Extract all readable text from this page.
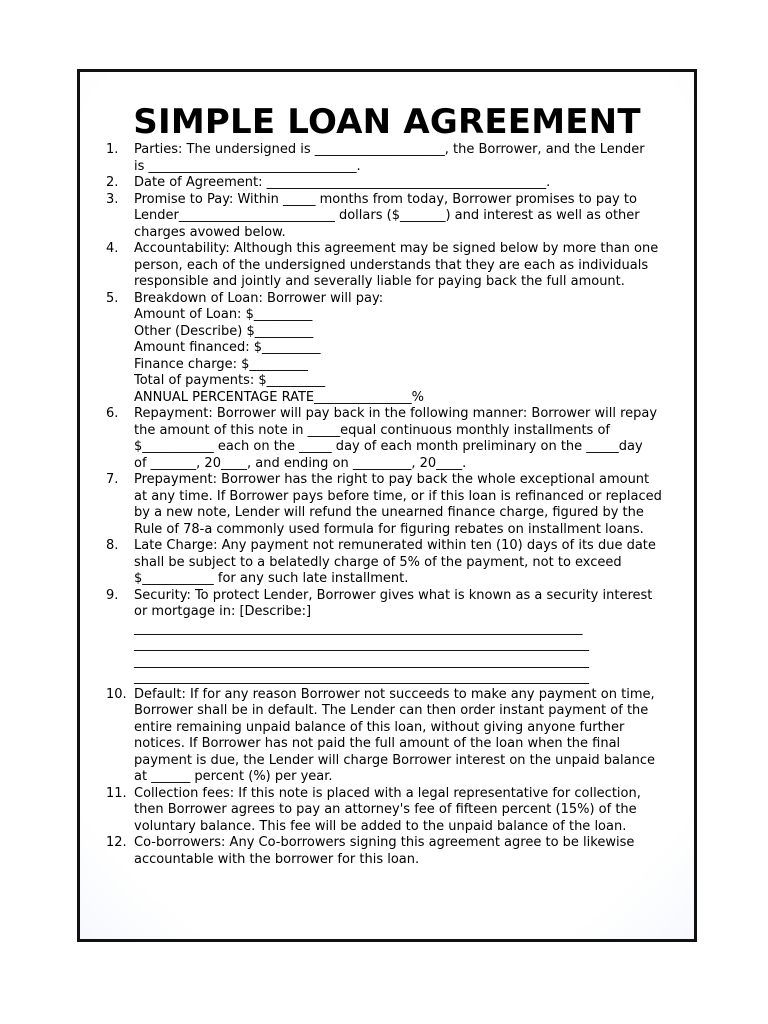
SIMPLE LOAN AGREEMENT
1. Parties: The undersigned is ____________________, the Borrower, and the Lender
is ________________________________.
2. Date of Agreement: ___________________________________________.
3. Promise to Pay: Within _____ months from today, Borrower promises to pay to
Lender________________________ dollars ($_______) and interest as well as other
charges avowed below.
4. Accountability: Although this agreement may be signed below by more than one
person, each of the undersigned understands that they are each as individuals
responsible and jointly and severally liable for paying back the full amount.
5. Breakdown of Loan: Borrower will pay:
Amount of Loan: $_________
Other (Describe) $_________
Amount financed: $_________
Finance charge: $_________
Total of payments: $_________
ANNUAL PERCENTAGE RATE_______________%
6. Repayment: Borrower will pay back in the following manner: Borrower will repay
the amount of this note in _____equal continuous monthly installments of
$___________ each on the _____ day of each month preliminary on the _____day
of _______, 20____, and ending on _________, 20____.
7. Prepayment: Borrower has the right to pay back the whole exceptional amount
at any time. If Borrower pays before time, or if this loan is refinanced or replaced
by a new note, Lender will refund the unearned finance charge, figured by the
Rule of 78-a commonly used formula for figuring rebates on installment loans.
8. Late Charge: Any payment not remunerated within ten (10) days of its due date
shall be subject to a belatedly charge of 5% of the payment, not to exceed
$___________ for any such late installment.
9. Security: To protect Lender, Borrower gives what is known as a security interest
or mortgage in: [Describe:]
_____________________________________________________________________
______________________________________________________________________
______________________________________________________________________
______________________________________________________________________
10. Default: If for any reason Borrower not succeeds to make any payment on time,
Borrower shall be in default. The Lender can then order instant payment of the
entire remaining unpaid balance of this loan, without giving anyone further
notices. If Borrower has not paid the full amount of the loan when the final
payment is due, the Lender will charge Borrower interest on the unpaid balance
at ______ percent (%) per year.
11. Collection fees: If this note is placed with a legal representative for collection,
then Borrower agrees to pay an attorney's fee of fifteen percent (15%) of the
voluntary balance. This fee will be added to the unpaid balance of the loan.
12. Co-borrowers: Any Co-borrowers signing this agreement agree to be likewise
accountable with the borrower for this loan.
